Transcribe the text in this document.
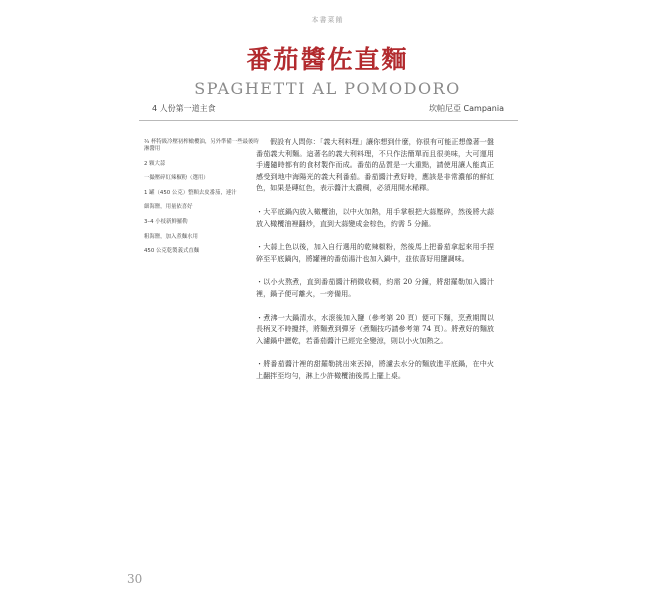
本書菜餚
番茄醬佐直麵
SPAGHETTI AL POMODORO
4 人份第一道主食	坎帕尼亞 Campania
¾ 杯特級冷壓初榨橄欖油，另外準備一些最後時淋醬用
2 顆大蒜
一撮壓碎紅辣椒粉（選用）
1 罐（450 公克）整顆去皮番茄，連汁
細海鹽，用量依喜好
3–4 小枝新鮮羅勒
粗海鹽，加入煮麵水用
450 公克乾製義式直麵

假設有人問你：「義大利料理」讓你想到什麼，你很有可能正想像著一盤番茄義大利麵。這著名的義大利料理，不只作法簡單而且很美味，大可運用手邊隨時都有的食材製作而成。番茄的品質是一大重點，請使用讓人能真正感受到地中海陽光的義大利番茄。番茄醬汁煮好時，應該是非常濃郁的鮮紅色，如果是磚紅色，表示醬汁太濃稠，必須用開水稀釋。

・大平底鍋內放入橄欖油，以中火加熱，用手掌根把大蒜壓碎，然後將大蒜放入橄欖油裡翻炒，直到大蒜變成金棕色，約需 5 分鐘。

・大蒜上色以後，加入自行選用的乾辣椒粉，然後馬上把番茄拿起來用手捏碎至平底鍋內，將罐裡的番茄湯汁也加入鍋中，並依喜好用鹽調味。

・以小火熬煮，直到番茄醬汁稍微收稠，約需 20 分鐘，將甜羅勒加入醬汁裡，鍋子便可離火，一旁備用。

・煮沸一大鍋清水，水滾後加入鹽（參考第 20 頁）便可下麵，烹煮期間以長柄叉不時攪拌，將麵煮到彈牙（煮麵技巧請參考第 74 頁）。將煮好的麵放入濾鍋中瀝乾，若番茄醬汁已經完全變涼，則以小火加熱之。

・將番茄醬汁裡的甜羅勒挑出來丟掉，將濾去水分的麵放進平底鍋，在中火上翻拌至均勻，淋上少許橄欖油後馬上擺上桌。

30
